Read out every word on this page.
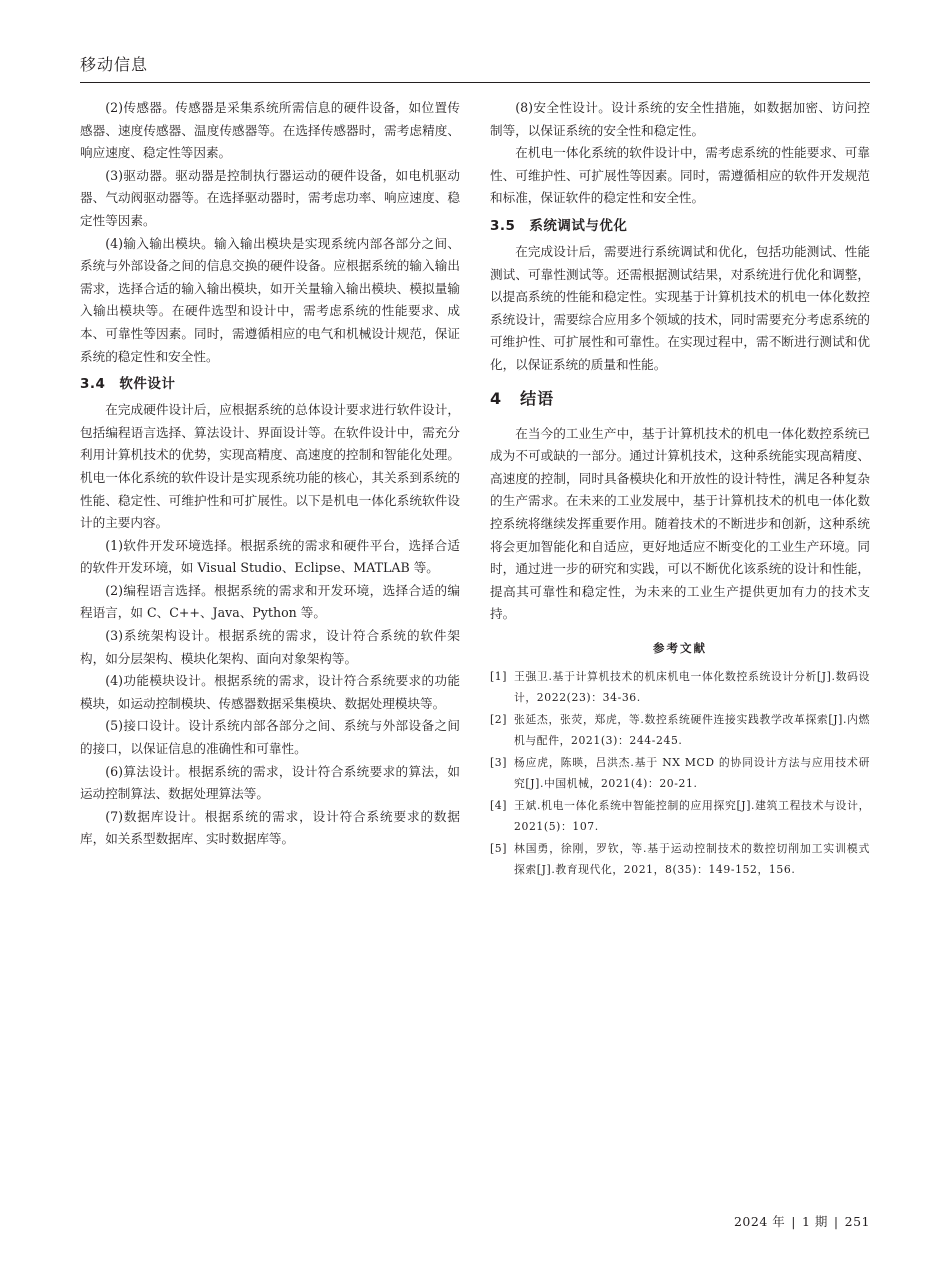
移动信息

(2)传感器。传感器是采集系统所需信息的硬件设备，如位置传感器、速度传感器、温度传感器等。在选择传感器时，需考虑精度、响应速度、稳定性等因素。

(3)驱动器。驱动器是控制执行器运动的硬件设备，如电机驱动器、气动阀驱动器等。在选择驱动器时，需考虑功率、响应速度、稳定性等因素。

(4)输入输出模块。输入输出模块是实现系统内部各部分之间、系统与外部设备之间的信息交换的硬件设备。应根据系统的输入输出需求，选择合适的输入输出模块，如开关量输入输出模块、模拟量输入输出模块等。在硬件选型和设计中，需考虑系统的性能要求、成本、可靠性等因素。同时，需遵循相应的电气和机械设计规范，保证系统的稳定性和安全性。

3.4 软件设计

在完成硬件设计后，应根据系统的总体设计要求进行软件设计，包括编程语言选择、算法设计、界面设计等。在软件设计中，需充分利用计算机技术的优势，实现高精度、高速度的控制和智能化处理。机电一体化系统的软件设计是实现系统功能的核心，其关系到系统的性能、稳定性、可维护性和可扩展性。以下是机电一体化系统软件设计的主要内容。

(1)软件开发环境选择。根据系统的需求和硬件平台，选择合适的软件开发环境，如 Visual Studio、Eclipse、MATLAB 等。

(2)编程语言选择。根据系统的需求和开发环境，选择合适的编程语言，如 C、C++、Java、Python 等。

(3)系统架构设计。根据系统的需求，设计符合系统的软件架构，如分层架构、模块化架构、面向对象架构等。

(4)功能模块设计。根据系统的需求，设计符合系统要求的功能模块，如运动控制模块、传感器数据采集模块、数据处理模块等。

(5)接口设计。设计系统内部各部分之间、系统与外部设备之间的接口，以保证信息的准确性和可靠性。

(6)算法设计。根据系统的需求，设计符合系统要求的算法，如运动控制算法、数据处理算法等。

(7)数据库设计。根据系统的需求，设计符合系统要求的数据库，如关系型数据库、实时数据库等。

(8)安全性设计。设计系统的安全性措施，如数据加密、访问控制等，以保证系统的安全性和稳定性。

在机电一体化系统的软件设计中，需考虑系统的性能要求、可靠性、可维护性、可扩展性等因素。同时，需遵循相应的软件开发规范和标准，保证软件的稳定性和安全性。

3.5 系统调试与优化

在完成设计后，需要进行系统调试和优化，包括功能测试、性能测试、可靠性测试等。还需根据测试结果，对系统进行优化和调整，以提高系统的性能和稳定性。实现基于计算机技术的机电一体化数控系统设计，需要综合应用多个领域的技术，同时需要充分考虑系统的可维护性、可扩展性和可靠性。在实现过程中，需不断进行测试和优化，以保证系统的质量和性能。

4 结语

在当今的工业生产中，基于计算机技术的机电一体化数控系统已成为不可或缺的一部分。通过计算机技术，这种系统能实现高精度、高速度的控制，同时具备模块化和开放性的设计特性，满足各种复杂的生产需求。在未来的工业发展中，基于计算机技术的机电一体化数控系统将继续发挥重要作用。随着技术的不断进步和创新，这种系统将会更加智能化和自适应，更好地适应不断变化的工业生产环境。同时，通过进一步的研究和实践，可以不断优化该系统的设计和性能，提高其可靠性和稳定性，为未来的工业生产提供更加有力的技术支持。

参考文献
[1] 王强卫.基于计算机技术的机床机电一体化数控系统设计分析[J].数码设计，2022(23)：34-36.
[2] 张延杰，张荧，郑虎，等.数控系统硬件连接实践教学改革探索[J].内燃机与配件，2021(3)：244-245.
[3] 杨应虎，陈暎，吕洪杰.基于 NX MCD 的协同设计方法与应用技术研究[J].中国机械，2021(4)：20-21.
[4] 王斌.机电一体化系统中智能控制的应用探究[J].建筑工程技术与设计，2021(5)：107.
[5] 林国勇，徐刚，罗钦，等.基于运动控制技术的数控切削加工实训模式探索[J].教育现代化，2021，8(35)：149-152，156.
2024 年 | 1 期 | 251
